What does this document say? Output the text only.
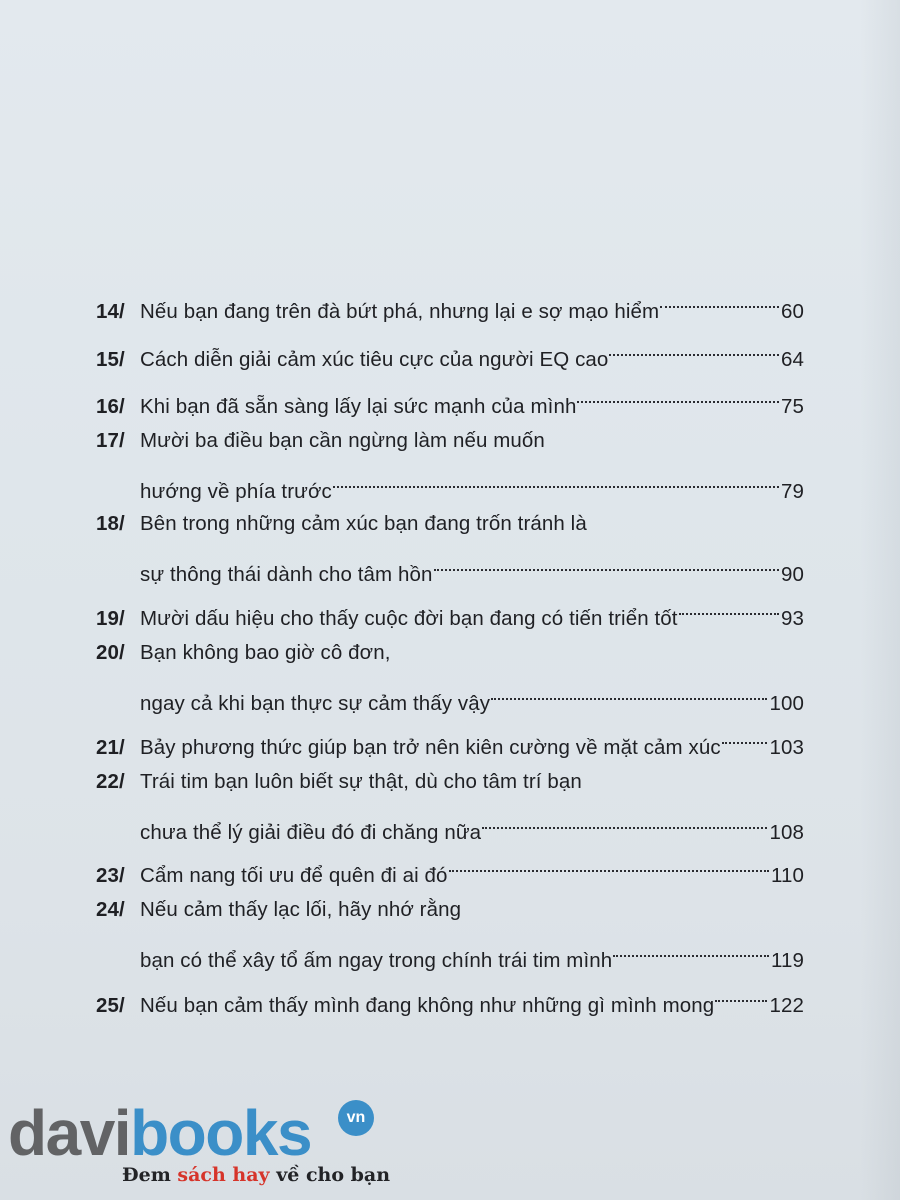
14/ Nếu bạn đang trên đà bứt phá, nhưng lại e sợ mạo hiểm	60
15/ Cách diễn giải cảm xúc tiêu cực của người EQ cao	64
16/ Khi bạn đã sẵn sàng lấy lại sức mạnh của mình	75
17/ Mười ba điều bạn cần ngừng làm nếu muốn
hướng về phía trước	79
18/ Bên trong những cảm xúc bạn đang trốn tránh là
sự thông thái dành cho tâm hồn	90
19/ Mười dấu hiệu cho thấy cuộc đời bạn đang có tiến triển tốt	93
20/ Bạn không bao giờ cô đơn,
ngay cả khi bạn thực sự cảm thấy vậy	100
21/ Bảy phương thức giúp bạn trở nên kiên cường về mặt cảm xúc 103
22/ Trái tim bạn luôn biết sự thật, dù cho tâm trí bạn
chưa thể lý giải điều đó đi chăng nữa	108
23/ Cẩm nang tối ưu để quên đi ai đó	110
24/ Nếu cảm thấy lạc lối, hãy nhớ rằng
bạn có thể xây tổ ấm ngay trong chính trái tim mình	119
25/ Nếu bạn cảm thấy mình đang không như những gì mình mong	122
davibooks	vn
Đem sách hay về cho bạn
